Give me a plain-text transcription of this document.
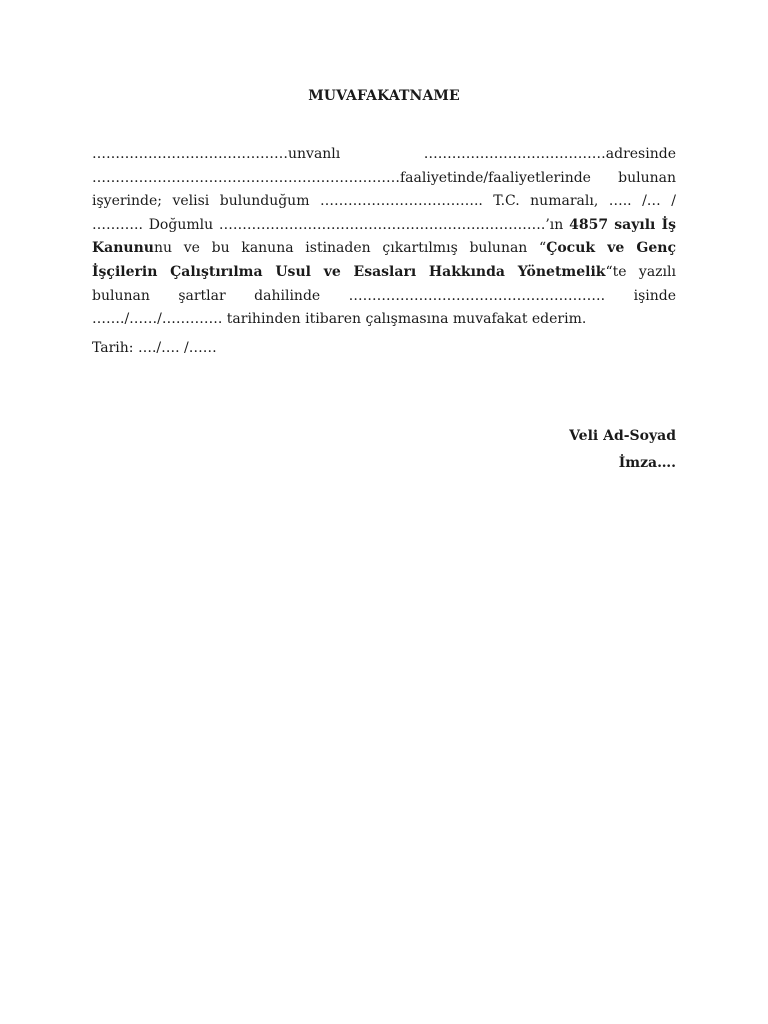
MUVAFAKATNAME

……………………………………unvanlı …………………………………adresinde …………………………………………………………faaliyetinde/faaliyetlerinde bulunan işyerinde; velisi bulunduğum …………………………….. T.C. numaralı, ….. /… / ……….. Doğumlu …………………………………………………………….’ın 4857 sayılı İş Kanununu ve bu kanuna istinaden çıkartılmış bulunan “Çocuk ve Genç İşçilerin Çalıştırılma Usul ve Esasları Hakkında Yönetmelik“te yazılı bulunan şartlar dahilinde ………………………………………………. işinde ……./……/…………. tarihinden itibaren çalışmasına muvafakat ederim.

Tarih: …./…. /……

Veli Ad-Soyad
İmza….
